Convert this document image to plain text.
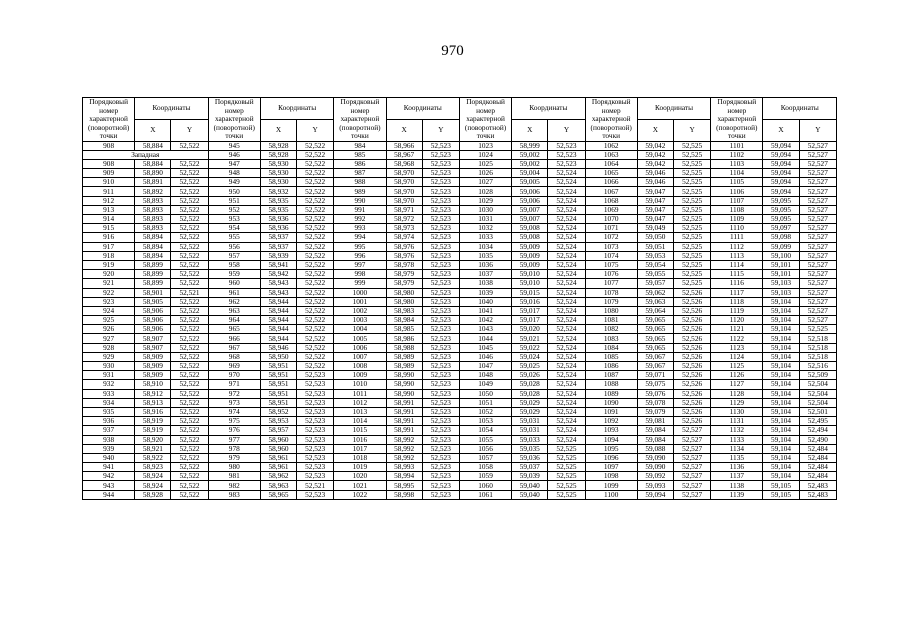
970
Порядковый номер характерной (поворотной) точки	Координаты		Порядковый номер характерной (поворотной) точки	Координаты		Порядковый номер характерной (поворотной) точки	Координаты		Порядковый номер характерной (поворотной) точки	Координаты		Порядковый номер характерной (поворотной) точки	Координаты		Порядковый номер характерной (поворотной) точки	Координаты	
	X	Y		X	Y		X	Y		X	Y		X	Y		X	Y
908	58,884	52,522	945	58,928	52,522	984	58,966	52,523	1023	58,999	52,523	1062	59,042	52,525	1101	59,094	52,527
Западная			946	58,928	52,522	985	58,967	52,523	1024	59,002	52,523	1063	59,042	52,525	1102	59,094	52,527
908	58,884	52,522	947	58,930	52,522	986	58,968	52,523	1025	59,002	52,523	1064	59,042	52,525	1103	59,094	52,527
909	58,890	52,522	948	58,930	52,522	987	58,970	52,523	1026	59,004	52,524	1065	59,046	52,525	1104	59,094	52,527
910	58,891	52,522	949	58,930	52,522	988	58,970	52,523	1027	59,005	52,524	1066	59,046	52,525	1105	59,094	52,527
911	58,892	52,522	950	58,932	52,522	989	58,970	52,523	1028	59,006	52,524	1067	59,047	52,525	1106	59,094	52,527
912	58,893	52,522	951	58,935	52,522	990	58,970	52,523	1029	59,006	52,524	1068	59,047	52,525	1107	59,095	52,527
913	58,893	52,522	952	58,935	52,522	991	58,971	52,523	1030	59,007	52,524	1069	59,047	52,525	1108	59,095	52,527
914	58,893	52,522	953	58,936	52,522	992	58,972	52,523	1031	59,007	52,524	1070	59,047	52,525	1109	59,095	52,527
915	58,893	52,522	954	58,936	52,522	993	58,973	52,523	1032	59,008	52,524	1071	59,049	52,525	1110	59,097	52,527
916	58,894	52,522	955	58,937	52,522	994	58,974	52,523	1033	59,008	52,524	1072	59,050	52,525	1111	59,098	52,527
917	58,894	52,522	956	58,937	52,522	995	58,976	52,523	1034	59,009	52,524	1073	59,051	52,525	1112	59,099	52,527
918	58,894	52,522	957	58,939	52,522	996	58,976	52,523	1035	59,009	52,524	1074	59,053	52,525	1113	59,100	52,527
919	58,899	52,522	958	58,941	52,522	997	58,978	52,523	1036	59,009	52,524	1075	59,054	52,525	1114	59,101	52,527
920	58,899	52,522	959	58,942	52,522	998	58,979	52,523	1037	59,010	52,524	1076	59,055	52,525	1115	59,101	52,527
921	58,899	52,522	960	58,943	52,522	999	58,979	52,523	1038	59,010	52,524	1077	59,057	52,525	1116	59,103	52,527
922	58,901	52,521	961	58,943	52,522	1000	58,980	52,523	1039	59,015	52,524	1078	59,062	52,526	1117	59,103	52,527
923	58,905	52,522	962	58,944	52,522	1001	58,980	52,523	1040	59,016	52,524	1079	59,063	52,526	1118	59,104	52,527
924	58,906	52,522	963	58,944	52,522	1002	58,983	52,523	1041	59,017	52,524	1080	59,064	52,526	1119	59,104	52,527
925	58,906	52,522	964	58,944	52,522	1003	58,984	52,523	1042	59,017	52,524	1081	59,065	52,526	1120	59,104	52,527
926	58,906	52,522	965	58,944	52,522	1004	58,985	52,523	1043	59,020	52,524	1082	59,065	52,526	1121	59,104	52,525
927	58,907	52,522	966	58,944	52,522	1005	58,986	52,523	1044	59,021	52,524	1083	59,065	52,526	1122	59,104	52,518
928	58,907	52,522	967	58,946	52,522	1006	58,988	52,523	1045	59,022	52,524	1084	59,065	52,526	1123	59,104	52,518
929	58,909	52,522	968	58,950	52,522	1007	58,989	52,523	1046	59,024	52,524	1085	59,067	52,526	1124	59,104	52,518
930	58,909	52,522	969	58,951	52,522	1008	58,989	52,523	1047	59,025	52,524	1086	59,067	52,526	1125	59,104	52,516
931	58,909	52,522	970	58,951	52,523	1009	58,990	52,523	1048	59,026	52,524	1087	59,071	52,526	1126	59,104	52,509
932	58,910	52,522	971	58,951	52,523	1010	58,990	52,523	1049	59,028	52,524	1088	59,075	52,526	1127	59,104	52,504
933	58,912	52,522	972	58,951	52,523	1011	58,990	52,523	1050	59,028	52,524	1089	59,076	52,526	1128	59,104	52,504
934	58,913	52,522	973	58,951	52,523	1012	58,991	52,523	1051	59,029	52,524	1090	59,078	52,526	1129	59,104	52,504
935	58,916	52,522	974	58,952	52,523	1013	58,991	52,523	1052	59,029	52,524	1091	59,079	52,526	1130	59,104	52,501
936	58,919	52,522	975	58,953	52,523	1014	58,991	52,523	1053	59,031	52,524	1092	59,081	52,526	1131	59,104	52,495
937	58,919	52,522	976	58,957	52,523	1015	58,991	52,523	1054	59,031	52,524	1093	59,084	52,527	1132	59,104	52,494
938	58,920	52,522	977	58,960	52,523	1016	58,992	52,523	1055	59,033	52,524	1094	59,084	52,527	1133	59,104	52,490
939	58,921	52,522	978	58,960	52,523	1017	58,992	52,523	1056	59,035	52,525	1095	59,088	52,527	1134	59,104	52,484
940	58,922	52,522	979	58,961	52,523	1018	58,992	52,523	1057	59,036	52,525	1096	59,090	52,527	1135	59,104	52,484
941	58,923	52,522	980	58,961	52,523	1019	58,993	52,523	1058	59,037	52,525	1097	59,090	52,527	1136	59,104	52,484
942	58,924	52,522	981	58,962	52,523	1020	58,994	52,523	1059	59,039	52,525	1098	59,092	52,527	1137	59,104	52,484
943	58,924	52,522	982	58,963	52,521	1021	58,995	52,523	1060	59,040	52,525	1099	59,093	52,527	1138	59,105	52,483
944	58,928	52,522	983	58,965	52,523	1022	58,998	52,523	1061	59,040	52,525	1100	59,094	52,527	1139	59,105	52,483
